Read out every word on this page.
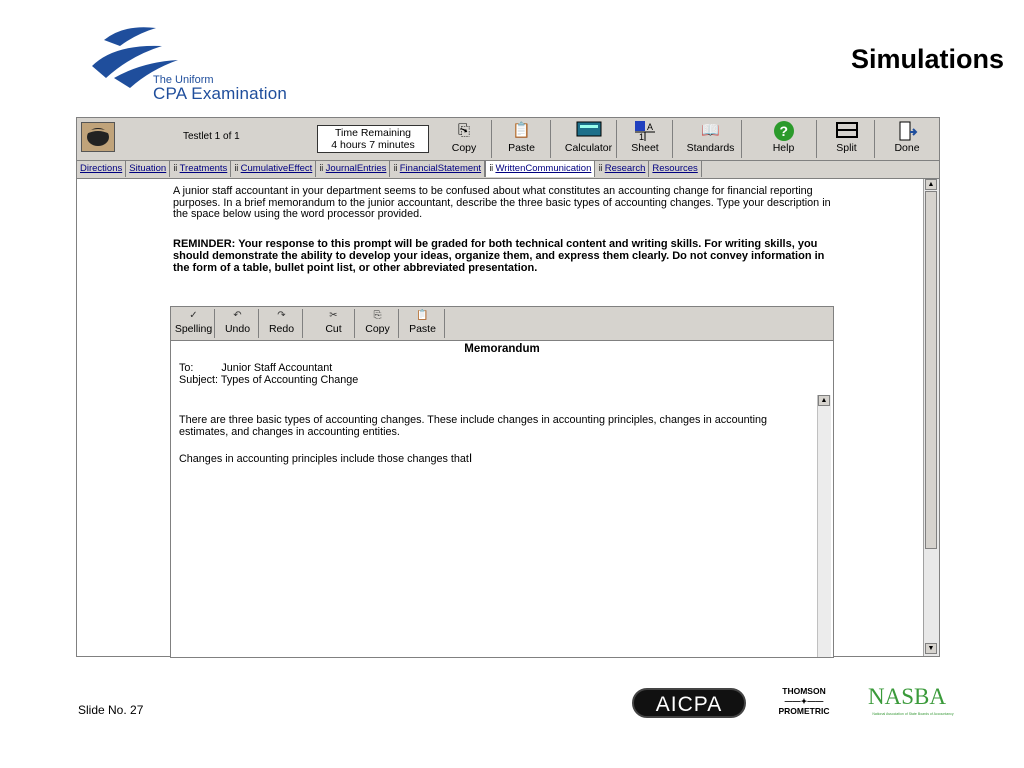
The Uniform
CPA Examination
Simulations
Testlet 1 of 1	Time Remaining
4 hours 7 minutes
⎘
Copy
📋
Paste	Calculator
A
1
Sheet
📖
Standards
?
Help	Split	Done
Directions Situation ⅱ Treatments ⅱ CumulativeEffect ⅱ JournalEntries ⅱ FinancialStatement ⅱ WrittenCommunication ⅱ Research Resources
A junior staff accountant in your department seems to be confused about what constitutes an accounting change for financial reporting purposes. In a brief memorandum to the junior accountant, describe the three basic types of accounting changes. Type your description in the space below using the word processor provided.
REMINDER: Your response to this prompt will be graded for both technical content and writing skills. For writing skills, you should demonstrate the ability to develop your ideas, organize them, and express them clearly. Do not convey information in the form of a table, bullet point list, or other abbreviated presentation.
✓
Spelling
↶
Undo
↷
Redo
✂
Cut
⎘
Copy
📋
Paste
Memorandum
To:	Junior Staff Accountant
Subject: Types of Accounting Change
There are three basic types of accounting changes. These include changes in accounting principles, changes in accounting estimates, and changes in accounting entities.
Changes in accounting principles include those changes thatΙ
▲
▲
▼
Slide No. 27	AICPA
THOMSON
——✦——
PROMETRIC
NASBA
National Association of State Boards of Accountancy
